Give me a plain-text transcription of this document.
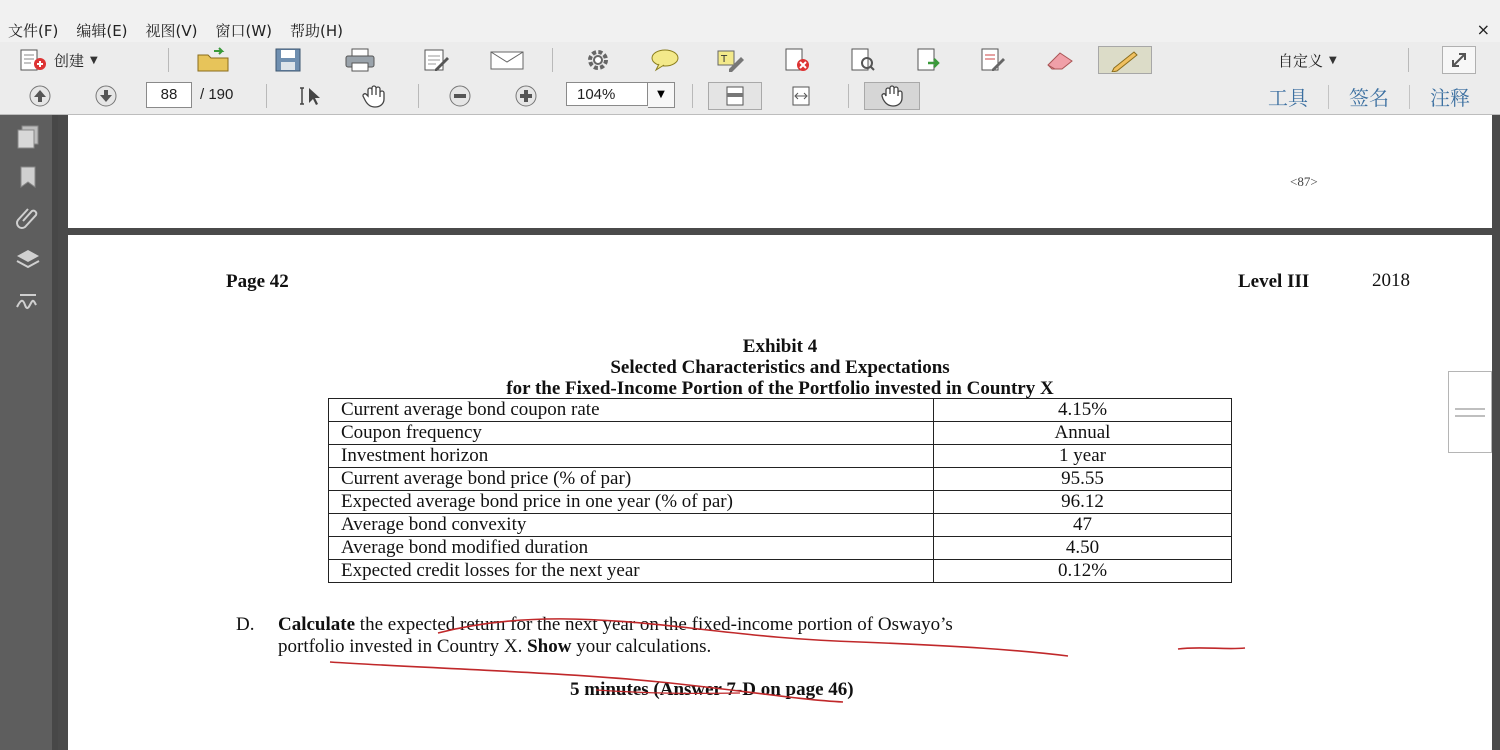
文件(F) 编辑(E) 视图(V) 窗口(W) 帮助(H)	×
创建 ▼	T	自定义 ▼
88	/ 190	104%	▼	工具	签名	注释
<87>
Page 42	Level III	2018
Exhibit 4
Selected Characteristics and Expectations
for the Fixed-Income Portion of the Portfolio invested in Country X
Current average bond coupon rate	4.15%
Coupon frequency	Annual
Investment horizon	1 year
Current average bond price (% of par)	95.55
Expected average bond price in one year (% of par)	96.12
Average bond convexity	47
Average bond modified duration	4.50
Expected credit losses for the next year	0.12%
D. Calculate the expected return for the next year on the fixed-income portion of Oswayo’s
portfolio invested in Country X. Show your calculations.
5 minutes (Answer 7-D on page 46)
